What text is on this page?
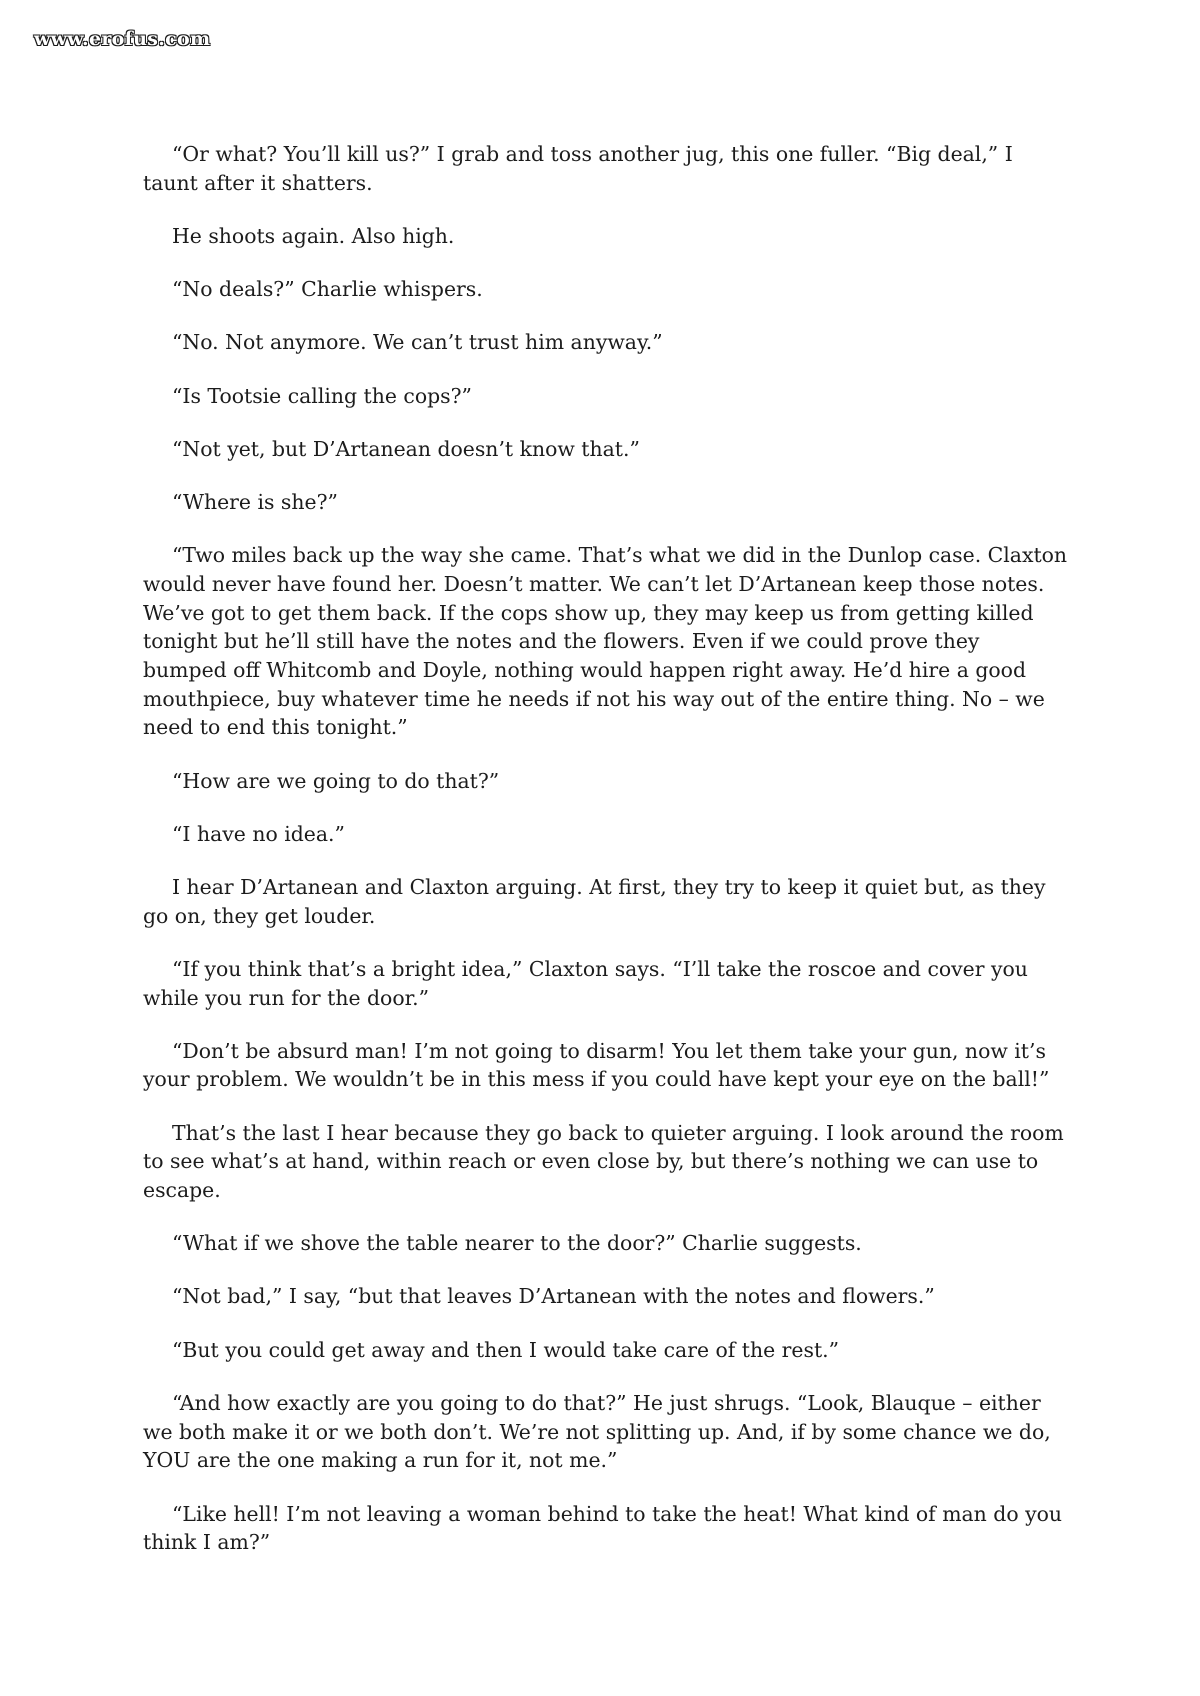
www.erofus.com

“Or what? You’ll kill us?” I grab and toss another jug, this one fuller. “Big deal,” I taunt after it shatters.

He shoots again. Also high.

“No deals?” Charlie whispers.

“No. Not anymore. We can’t trust him anyway.”

“Is Tootsie calling the cops?”

“Not yet, but D’Artanean doesn’t know that.”

“Where is she?”

“Two miles back up the way she came. That’s what we did in the Dunlop case. Claxton would never have found her. Doesn’t matter. We can’t let D’Artanean keep those notes. We’ve got to get them back. If the cops show up, they may keep us from getting killed tonight but he’ll still have the notes and the flowers. Even if we could prove they bumped off Whitcomb and Doyle, nothing would happen right away. He’d hire a good mouthpiece, buy whatever time he needs if not his way out of the entire thing. No – we need to end this tonight.”

“How are we going to do that?”

“I have no idea.”

I hear D’Artanean and Claxton arguing. At first, they try to keep it quiet but, as they go on, they get louder.

“If you think that’s a bright idea,” Claxton says. “I’ll take the roscoe and cover you while you run for the door.”

“Don’t be absurd man! I’m not going to disarm! You let them take your gun, now it’s your problem. We wouldn’t be in this mess if you could have kept your eye on the ball!”

That’s the last I hear because they go back to quieter arguing. I look around the room to see what’s at hand, within reach or even close by, but there’s nothing we can use to escape.

“What if we shove the table nearer to the door?” Charlie suggests.

“Not bad,” I say, “but that leaves D’Artanean with the notes and flowers.”

“But you could get away and then I would take care of the rest.”

“And how exactly are you going to do that?” He just shrugs. “Look, Blauque – either we both make it or we both don’t. We’re not splitting up. And, if by some chance we do, YOU are the one making a run for it, not me.”

“Like hell! I’m not leaving a woman behind to take the heat! What kind of man do you think I am?”
